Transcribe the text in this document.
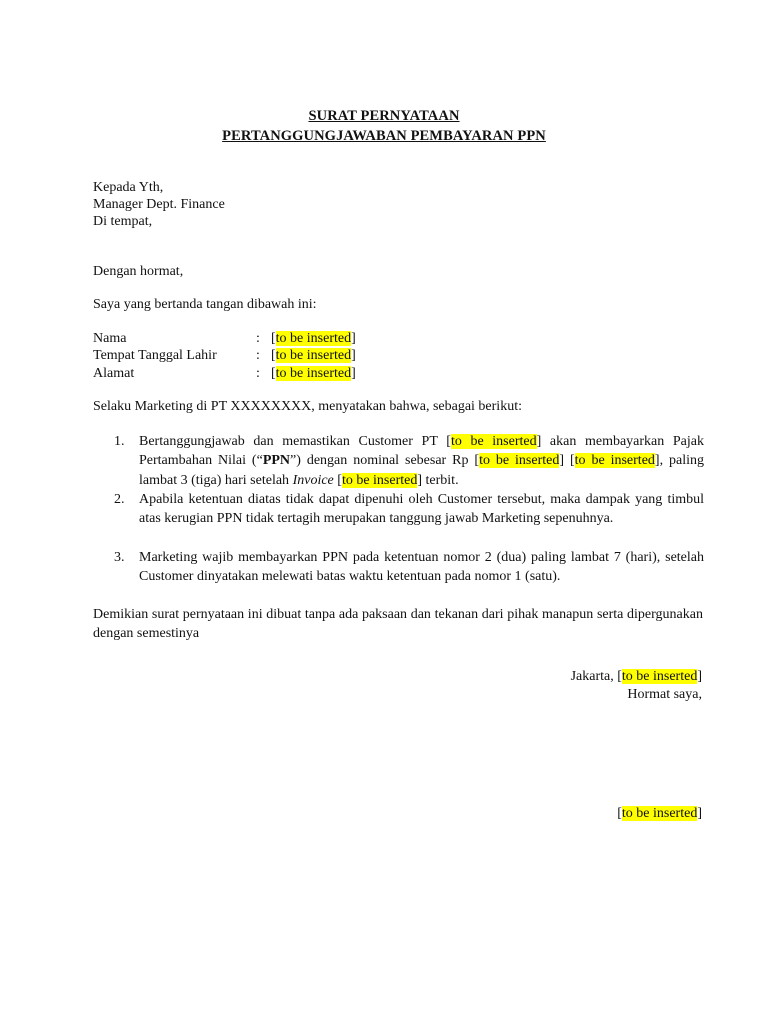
SURAT PERNYATAAN
PERTANGGUNGJAWABAN PEMBAYARAN PPN
Kepada Yth,
Manager Dept. Finance
Di tempat,
Dengan hormat,
Saya yang bertanda tangan dibawah ini:
Nama	: [to be inserted]
Tempat Tanggal Lahir	: [to be inserted]
Alamat	: [to be inserted]
Selaku Marketing di PT XXXXXXXX, menyatakan bahwa, sebagai berikut:
1. Bertanggungjawab dan memastikan Customer PT [to be inserted] akan membayarkan Pajak Pertambahan Nilai (“PPN”) dengan nominal sebesar Rp [to be inserted] [to be inserted], paling lambat 3 (tiga) hari setelah Invoice [to be inserted] terbit.
2. Apabila ketentuan diatas tidak dapat dipenuhi oleh Customer tersebut, maka dampak yang timbul atas kerugian PPN tidak tertagih merupakan tanggung jawab Marketing sepenuhnya.
3. Marketing wajib membayarkan PPN pada ketentuan nomor 2 (dua) paling lambat 7 (hari), setelah Customer dinyatakan melewati batas waktu ketentuan pada nomor 1 (satu).
Demikian surat pernyataan ini dibuat tanpa ada paksaan dan tekanan dari pihak manapun serta dipergunakan dengan semestinya
Jakarta, [to be inserted]
Hormat saya,
[to be inserted]
